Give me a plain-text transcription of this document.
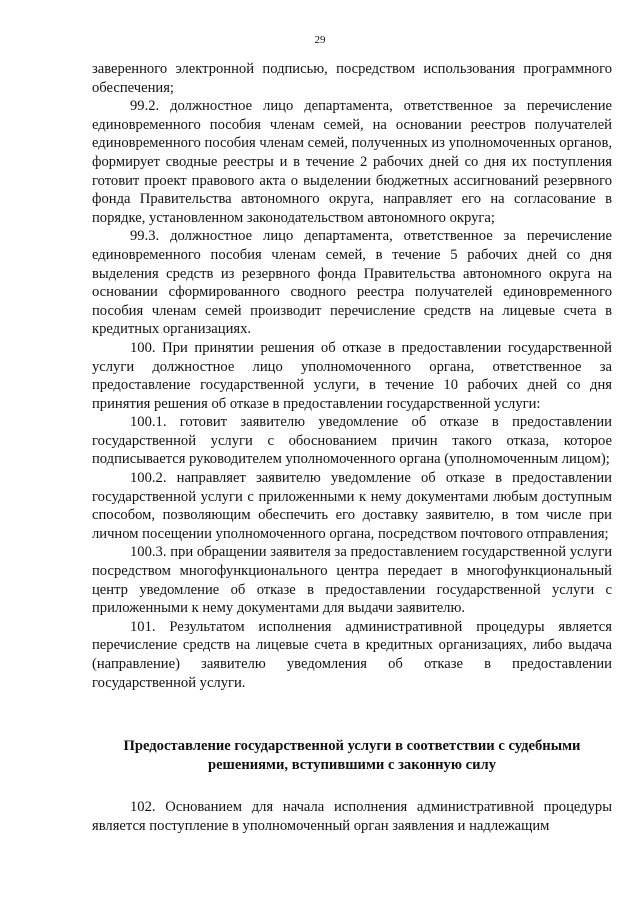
29

заверенного электронной подписью, посредством использования программного обеспечения;

99.2. должностное лицо департамента, ответственное за перечисление единовременного пособия членам семей, на основании реестров получателей единовременного пособия членам семей, полученных из уполномоченных органов, формирует сводные реестры и в течение 2 рабочих дней со дня их поступления готовит проект правового акта о выделении бюджетных ассигнований резервного фонда Правительства автономного округа, направляет его на согласование в порядке, установленном законодательством автономного округа;

99.3. должностное лицо департамента, ответственное за перечисление единовременного пособия членам семей, в течение 5 рабочих дней со дня выделения средств из резервного фонда Правительства автономного округа на основании сформированного сводного реестра получателей единовременного пособия членам семей производит перечисление средств на лицевые счета в кредитных организациях.

100. При принятии решения об отказе в предоставлении государственной услуги должностное лицо уполномоченного органа, ответственное за предоставление государственной услуги, в течение 10 рабочих дней со дня принятия решения об отказе в предоставлении государственной услуги:

100.1. готовит заявителю уведомление об отказе в предоставлении государственной услуги с обоснованием причин такого отказа, которое подписывается руководителем уполномоченного органа (уполномоченным лицом);

100.2. направляет заявителю уведомление об отказе в предоставлении государственной услуги с приложенными к нему документами любым доступным способом, позволяющим обеспечить его доставку заявителю, в том числе при личном посещении уполномоченного органа, посредством почтового отправления;

100.3. при обращении заявителя за предоставлением государственной услуги посредством многофункционального центра передает в многофункциональный центр уведомление об отказе в предоставлении государственной услуги с приложенными к нему документами для выдачи заявителю.

101. Результатом исполнения административной процедуры является перечисление средств на лицевые счета в кредитных организациях, либо выдача (направление) заявителю уведомления об отказе в предоставлении государственной услуги.

Предоставление государственной услуги в соответствии с судебными решениями, вступившими с законную силу

102. Основанием для начала исполнения административной процедуры является поступление в уполномоченный орган заявления и надлежащим
